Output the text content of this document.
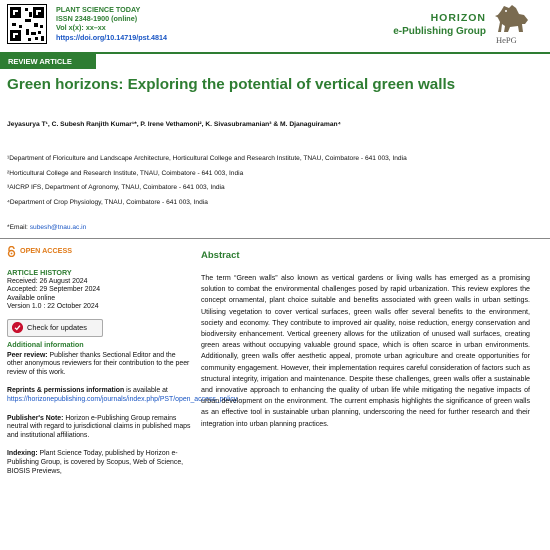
PLANT SCIENCE TODAY
ISSN 2348-1900 (online)
Vol x(x): xx–xx
https://doi.org/10.14719/pst.4814
HORIZON
e-Publishing Group
HePG
REVIEW ARTICLE
Green horizons: Exploring the potential of vertical green walls
Jeyasurya T¹, C. Subesh Ranjith Kumar¹*, P. Irene Vethamoni², K. Sivasubramanian³ & M. Djanaguiraman⁴
¹Department of Floriculture and Landscape Architecture, Horticultural College and Research Institute, TNAU, Coimbatore - 641 003, India
²Horticultural College and Research Institute, TNAU, Coimbatore - 641 003, India
³AICRP IFS, Department of Agronomy, TNAU, Coimbatore - 641 003, India
⁴Department of Crop Physiology, TNAU, Coimbatore - 641 003, India
*Email: subesh@tnau.ac.in
OPEN ACCESS
ARTICLE HISTORY

Received: 26 August 2024

Accepted: 29 September 2024

Available online

Version 1.0 : 22 October 2024

Check for updates
Additional information
Peer review: Publisher thanks Sectional Editor and the other anonymous reviewers for their contribution to the peer review of this work.
Reprints & permissions information is available at https://horizonepublishing.com/journals/index.php/PST/open_access_policy
Publisher's Note: Horizon e-Publishing Group remains neutral with regard to jurisdictional claims in published maps and institutional affiliations.
Indexing: Plant Science Today, published by Horizon e-Publishing Group, is covered by Scopus, Web of Science, BIOSIS Previews,
Abstract

The term “Green walls” also known as vertical gardens or living walls has emerged as a promising solution to combat the environmental challenges posed by rapid urbanization. This review explores the concept ornamental, plant choice suitable and benefits associated with green walls in urban settings. Utilising vegetation to cover vertical surfaces, green walls offer several benefits to the environment, society and economy. They contribute to improved air quality, noise reduction, energy conservation and biodiversity enhancement. Vertical greenery allows for the utilization of unused wall surfaces, creating green areas without occupying valuable ground space, which is often scarce in urban environments. Additionally, green walls offer aesthetic appeal, promote urban agriculture and create opportunities for community engagement. However, their implementation requires careful consideration of factors such as structural integrity, irrigation and maintenance. Despite these challenges, green walls offer a sustainable and innovative approach to enhancing the quality of urban life while mitigating the negative impacts of urban development on the environment. The current emphasis highlights the significance of green walls as an effective tool in sustainable urban planning, underscoring the need for further research and their integration into urban planning practices.
